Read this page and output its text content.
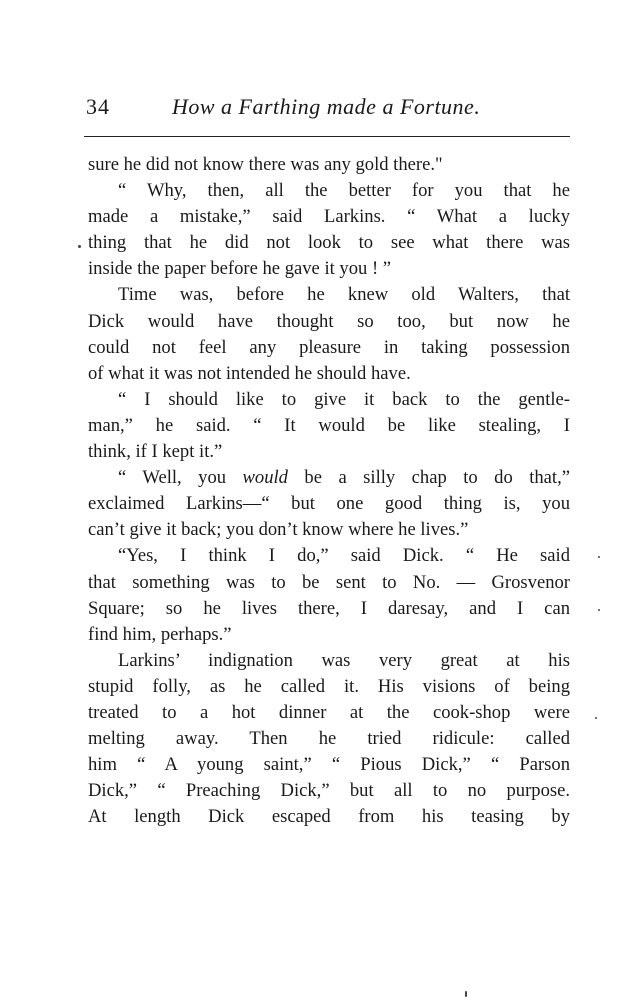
34	How a Farthing made a Fortune.
sure he did not know there was any gold there."
“ Why, then, all the better for you that he
made a mistake,” said Larkins. “ What a lucky
thing that he did not look to see what there was
inside the paper before he gave it you ! ”
Time was, before he knew old Walters, that
Dick would have thought so too, but now he
could not feel any pleasure in taking possession
of what it was not intended he should have.
“ I should like to give it back to the gentle-
man,” he said. “ It would be like stealing, I
think, if I kept it.”
“ Well, you would be a silly chap to do that,”
exclaimed Larkins—“ but one good thing is, you
can’t give it back; you don’t know where he lives.”
“Yes, I think I do,” said Dick. “ He said
that something was to be sent to No. — Grosvenor
Square; so he lives there, I daresay, and I can
find him, perhaps.”
Larkins’ indignation was very great at his
stupid folly, as he called it. His visions of being
treated to a hot dinner at the cook-shop were
melting away. Then he tried ridicule: called
him “ A young saint,” “ Pious Dick,” “ Parson
Dick,” “ Preaching Dick,” but all to no purpose.
At length Dick escaped from his teasing by
